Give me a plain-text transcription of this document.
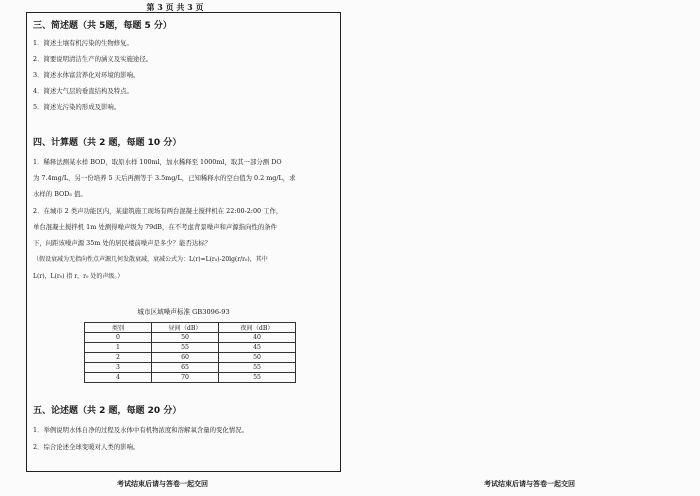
第 3 页 共 3 页
三、简述题（共 5题，每题 5 分）
1．简述土壤有机污染的生物修复。
2．简要说明清洁生产的涵义及实施途径。
3．简述水体富营养化对环境的影响。
4．简述大气层的垂直结构及特点。
5．简述光污染的形成及影响。
四、计算题（共 2 题，每题 10 分）
1．稀释法测某水样 BOD，取原水样 100ml，加水稀释至 1000ml，取其一部分测 DO
为 7.4mg/L，另一份培养 5 天后再测等于 3.5mg/L，已知稀释水的空白值为 0.2 mg/L，求
水样的 BOD₅ 值。
2．在城市 2 类声功能区内，某建筑施工现场有两台混凝土搅拌机在 22:00-2:00 工作，
单台混凝土搅拌机 1m 处测得噪声级为 79dB，在不考虑背景噪声和声源指向性的条件
下，问距该噪声源 35m 处的居民楼前噪声是多少？能否达标？
（假设衰减为无指向性点声源几何发散衰减，衰减公式为：L(r)=L(r₀)-20lg(r/r₀)，其中
L(r)，L(r₀) 指 r，r₀ 处的声级。）
城市区域噪声标准 GB3096-93
类别	昼间（dB）	夜间（dB）
0	50	40
1	55	45
2	60	50
3	65	55
4	70	55
五、论述题（共 2 题，每题 20 分）
1．举例说明水体自净的过程及水体中有机物浓度和溶解氧含量的变化情况。
2．综合论述全球变暖对人类的影响。
考试结束后请与答卷一起交回	考试结束后请与答卷一起交回
